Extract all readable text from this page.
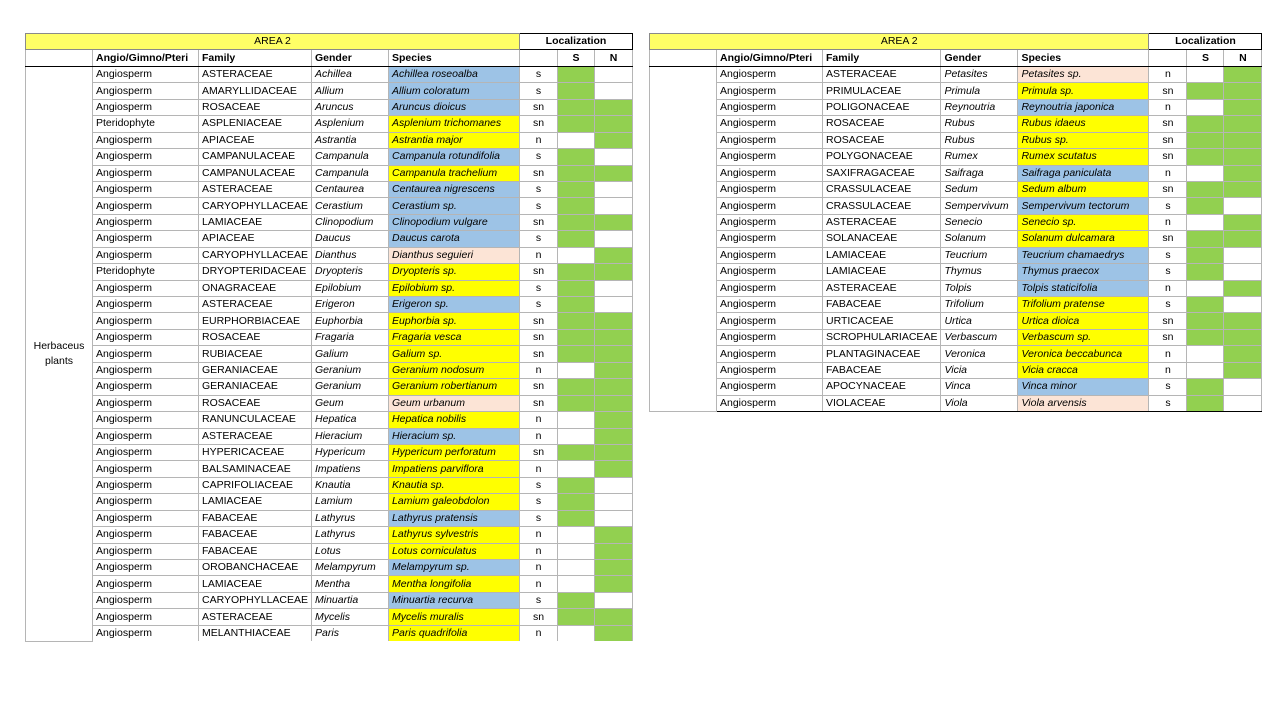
AREA 2					Localization		
	Angio/Gimno/Pteri	Family	Gender	Species		S	N
Herbaceus
plants	Angiosperm	ASTERACEAE	Achillea	Achillea roseoalba	s		
	Angiosperm	AMARYLLIDACEAE	Allium	Allium coloratum	s		
	Angiosperm	ROSACEAE	Aruncus	Aruncus dioicus	sn		
	Pteridophyte	ASPLENIACEAE	Asplenium	Asplenium trichomanes	sn		
	Angiosperm	APIACEAE	Astrantia	Astrantia major	n		
	Angiosperm	CAMPANULACEAE	Campanula	Campanula rotundifolia	s		
	Angiosperm	CAMPANULACEAE	Campanula	Campanula trachelium	sn		
	Angiosperm	ASTERACEAE	Centaurea	Centaurea nigrescens	s		
	Angiosperm	CARYOPHYLLACEAE	Cerastium	Cerastium sp.	s		
	Angiosperm	LAMIACEAE	Clinopodium	Clinopodium vulgare	sn		
	Angiosperm	APIACEAE	Daucus	Daucus carota	s		
	Angiosperm	CARYOPHYLLACEAE	Dianthus	Dianthus seguieri	n		
	Pteridophyte	DRYOPTERIDACEAE	Dryopteris	Dryopteris sp.	sn		
	Angiosperm	ONAGRACEAE	Epilobium	Epilobium sp.	s		
	Angiosperm	ASTERACEAE	Erigeron	Erigeron sp.	s		
	Angiosperm	EURPHORBIACEAE	Euphorbia	Euphorbia sp.	sn		
	Angiosperm	ROSACEAE	Fragaria	Fragaria vesca	sn		
	Angiosperm	RUBIACEAE	Galium	Galium sp.	sn		
	Angiosperm	GERANIACEAE	Geranium	Geranium nodosum	n		
	Angiosperm	GERANIACEAE	Geranium	Geranium robertianum	sn		
	Angiosperm	ROSACEAE	Geum	Geum urbanum	sn		
	Angiosperm	RANUNCULACEAE	Hepatica	Hepatica nobilis	n		
	Angiosperm	ASTERACEAE	Hieracium	Hieracium sp.	n		
	Angiosperm	HYPERICACEAE	Hypericum	Hypericum perforatum	sn		
	Angiosperm	BALSAMINACEAE	Impatiens	Impatiens parviflora	n		
	Angiosperm	CAPRIFOLIACEAE	Knautia	Knautia sp.	s		
	Angiosperm	LAMIACEAE	Lamium	Lamium galeobdolon	s		
	Angiosperm	FABACEAE	Lathyrus	Lathyrus pratensis	s		
	Angiosperm	FABACEAE	Lathyrus	Lathyrus sylvestris	n		
	Angiosperm	FABACEAE	Lotus	Lotus corniculatus	n		
	Angiosperm	OROBANCHACEAE	Melampyrum	Melampyrum sp.	n		
	Angiosperm	LAMIACEAE	Mentha	Mentha longifolia	n		
	Angiosperm	CARYOPHYLLACEAE	Minuartia	Minuartia recurva	s		
	Angiosperm	ASTERACEAE	Mycelis	Mycelis muralis	sn		
	Angiosperm	MELANTHIACEAE	Paris	Paris quadrifolia	n		
AREA 2					Localization		
	Angio/Gimno/Pteri	Family	Gender	Species		S	N
	Angiosperm	ASTERACEAE	Petasites	Petasites sp.	n		
	Angiosperm	PRIMULACEAE	Primula	Primula sp.	sn		
	Angiosperm	POLIGONACEAE	Reynoutria	Reynoutria japonica	n		
	Angiosperm	ROSACEAE	Rubus	Rubus idaeus	sn		
	Angiosperm	ROSACEAE	Rubus	Rubus sp.	sn		
	Angiosperm	POLYGONACEAE	Rumex	Rumex scutatus	sn		
	Angiosperm	SAXIFRAGACEAE	Saifraga	Saifraga paniculata	n		
	Angiosperm	CRASSULACEAE	Sedum	Sedum album	sn		
	Angiosperm	CRASSULACEAE	Sempervivum	Sempervivum tectorum	s		
	Angiosperm	ASTERACEAE	Senecio	Senecio sp.	n		
	Angiosperm	SOLANACEAE	Solanum	Solanum dulcamara	sn		
	Angiosperm	LAMIACEAE	Teucrium	Teucrium chamaedrys	s		
	Angiosperm	LAMIACEAE	Thymus	Thymus praecox	s		
	Angiosperm	ASTERACEAE	Tolpis	Tolpis staticifolia	n		
	Angiosperm	FABACEAE	Trifolium	Trifolium pratense	s		
	Angiosperm	URTICACEAE	Urtica	Urtica dioica	sn		
	Angiosperm	SCROPHULARIACEAE	Verbascum	Verbascum sp.	sn		
	Angiosperm	PLANTAGINACEAE	Veronica	Veronica beccabunca	n		
	Angiosperm	FABACEAE	Vicia	Vicia cracca	n		
	Angiosperm	APOCYNACEAE	Vinca	Vinca minor	s		
	Angiosperm	VIOLACEAE	Viola	Viola arvensis	s		
